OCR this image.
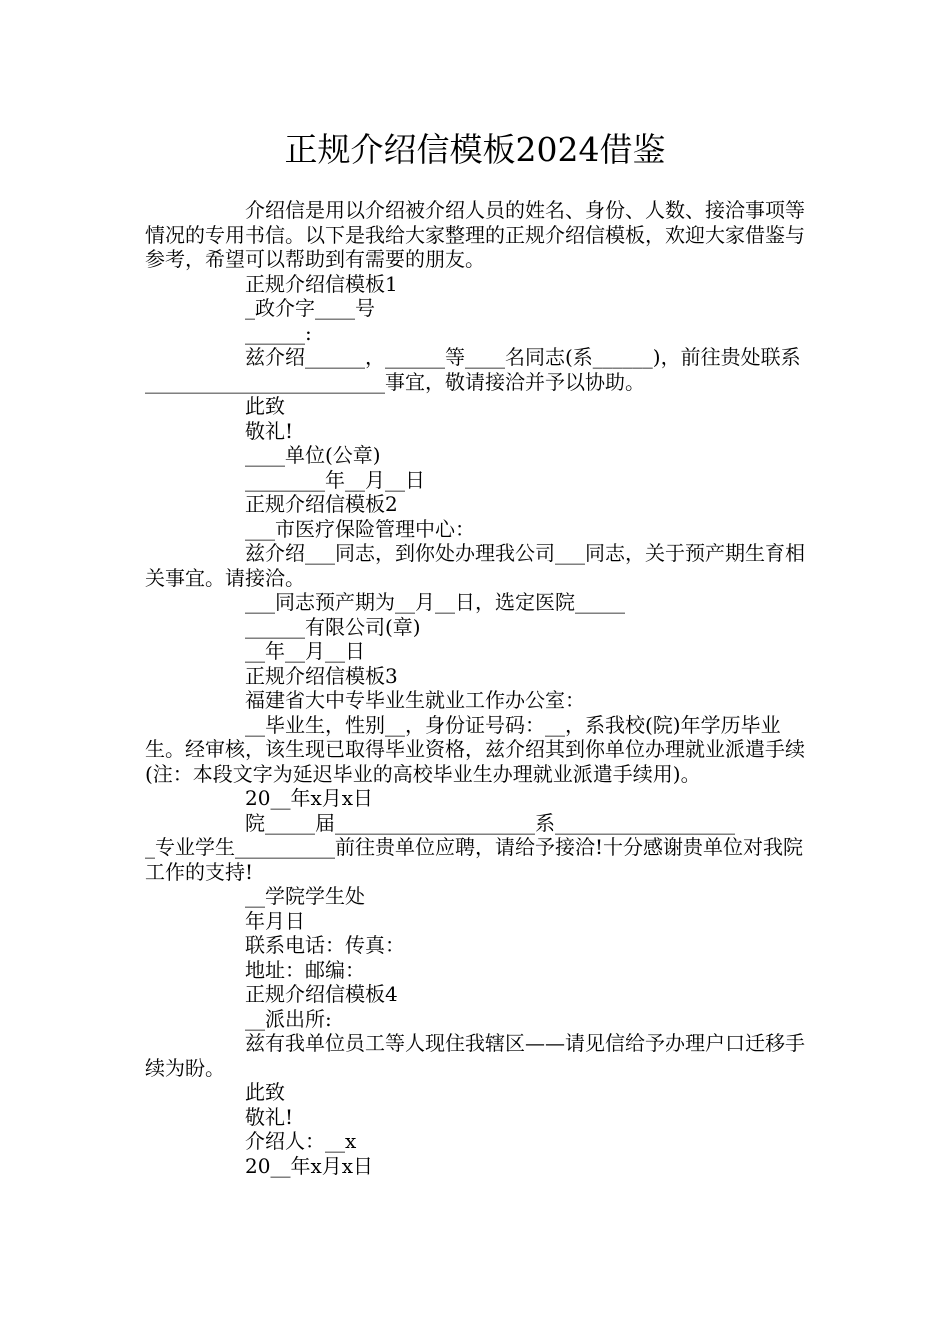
正规介绍信模板2024借鉴

介绍信是用以介绍被介绍人员的姓名、身份、人数、接洽事项等情况的专用书信。以下是我给大家整理的正规介绍信模板，欢迎大家借鉴与参考，希望可以帮助到有需要的朋友。

正规介绍信模板1

_政介字____号

______:

兹介绍______，______等____名同志(系______)，前往贵处联系________________________事宜，敬请接洽并予以协助。

此致

敬礼!

____单位(公章)

________年__月__日

正规介绍信模板2

___市医疗保险管理中心：

兹介绍___同志，到你处办理我公司___同志，关于预产期生育相关事宜。请接洽。

___同志预产期为__月__日，选定医院_____

______有限公司(章)

__年__月__日

正规介绍信模板3

福建省大中专毕业生就业工作办公室：

__毕业生，性别__，身份证号码：__，系我校(院)年学历毕业生。经审核，该生现已取得毕业资格，兹介绍其到你单位办理就业派遣手续(注：本段文字为延迟毕业的高校毕业生办理就业派遣手续用)。

20__年x月x日

院_____届____________________系__________________

_专业学生__________前往贵单位应聘，请给予接洽!十分感谢贵单位对我院工作的支持!

__学院学生处

年月日

联系电话：传真：

地址：邮编：

正规介绍信模板4

__派出所:

兹有我单位员工等人现住我辖区——请见信给予办理户口迁移手续为盼。

此致

敬礼!

介绍人：__x

20__年x月x日
